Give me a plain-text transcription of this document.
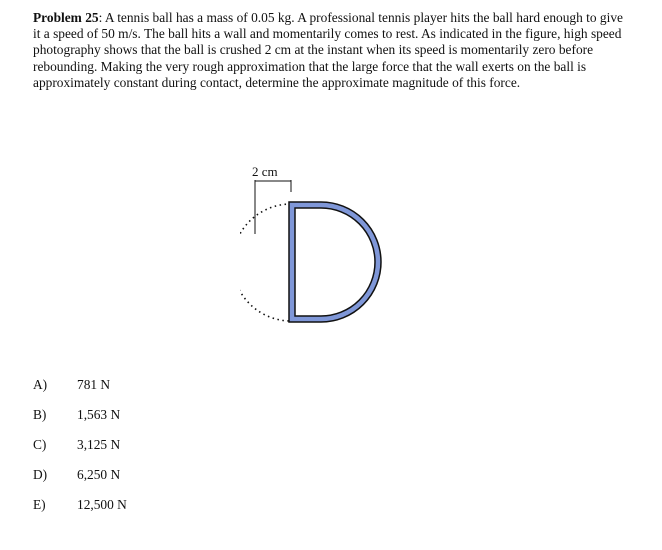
Problem 25: A tennis ball has a mass of 0.05 kg. A professional tennis player hits the ball hard enough to give it a speed of 50 m/s. The ball hits a wall and momentarily comes to rest. As indicated in the figure, high speed photography shows that the ball is crushed 2 cm at the instant when its speed is momentarily zero before rebounding. Making the very rough approximation that the large force that the wall exerts on the ball is approximately constant during contact, determine the approximate magnitude of this force.
2 cm
A)	781 N
B)	1,563 N
C)	3,125 N
D)	6,250 N
E)	12,500 N
